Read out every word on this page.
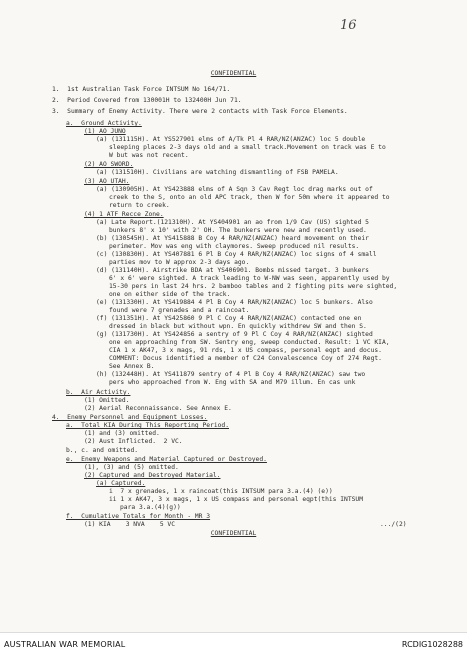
16
CONFIDENTIAL
1.  1st Australian Task Force INTSUM No 164/71.
2.  Period Covered from 130001H to 132400H Jun 71.
3.  Summary of Enemy Activity. There were 2 contacts with Task Force Elements.
a.  Ground Activity.
(1) AO JUNO
(a) (131115H). At YS527901 elms of A/Tk Pl 4 RAR/NZ(ANZAC) loc 5 double
sleeping places 2-3 days old and a small track.Movement on track was E to
W but was not recent.
(2) AO SWORD.
(a) (131510H). Civilians are watching dismantling of FSB PAMELA.
(3) AO UTAH.
(a) (130905H). At YS423888 elms of A Sqn 3 Cav Regt loc drag marks out of
creek to the S, onto an old APC track, then W for 50m where it appeared to
return to creek.
(4) 1 ATF Recce Zone.
(a) Late Report.(121310H). At YS404901 an ao from 1/9 Cav (US) sighted 5
bunkers 8' x 10' with 2' OH. The bunkers were new and recently used.
(b) (130545H). At YS415888 B Coy 4 RAR/NZ(ANZAC) heard movement on their
perimeter. Mov was eng with claymores. Sweep produced nil results.
(c) (130830H). At YS407881 6 Pl B Coy 4 RAR/NZ(ANZAC) loc signs of 4 small
parties mov to W approx 2-3 days ago.
(d) (131140H). Airstrike BDA at YS406901. Bombs missed target. 3 bunkers
6' x 6' were sighted. A track leading to W-NW was seen, apparently used by
15-30 pers in last 24 hrs. 2 bamboo tables and 2 fighting pits were sighted,
one on either side of the track.
(e) (131330H). At YS419884 4 Pl B Coy 4 RAR/NZ(ANZAC) loc 5 bunkers. Also
found were 7 grenades and a raincoat.
(f) (131351H). At YS425860 9 Pl C Coy 4 RAR/NZ(ANZAC) contacted one en
dressed in black but without wpn. En quickly withdrew SW and then S.
(g) (131730H). At YS424856 a sentry of 9 Pl C Coy 4 RAR/NZ(ANZAC) sighted
one en approaching from SW. Sentry eng, sweep conducted. Result: 1 VC KIA,
CIA 1 x AK47, 3 x mags, 91 rds, 1 x US compass, personal eqpt and docus.
COMMENT: Docus identified a member of C24 Convalescence Coy of 274 Regt.
See Annex B.
(h) (132448H). At YS411879 sentry of 4 Pl B Coy 4 RAR/NZ(ANZAC) saw two
pers who approached from W. Eng with SA and M79 illum. En cas unk
b.  Air Activity.
(1) Omitted.
(2) Aerial Reconnaissance. See Annex E.
4.  Enemy Personnel and Equipment Losses.
a.  Total KIA During This Reporting Period.
(1) and (3) omitted.
(2) Aust Inflicted.  2 VC.
b., c. and omitted.
e.  Enemy Weapons and Material Captured or Destroyed.
(1), (3) and (5) omitted.
(2) Captured and Destroyed Material.
(a) Captured.
i  7 x grenades, 1 x raincoat(this INTSUM para 3.a.(4) (e))
ii 1 x AK47, 3 x mags, 1 x US compass and personal eqpt(this INTSUM
para 3.a.(4)(g))
f.  Cumulative Totals for Month - MR 3
(1) KIA    3 NVA    5 VC	.../(2)
CONFIDENTIAL
AUSTRALIAN WAR MEMORIAL	RCDIG1028288
